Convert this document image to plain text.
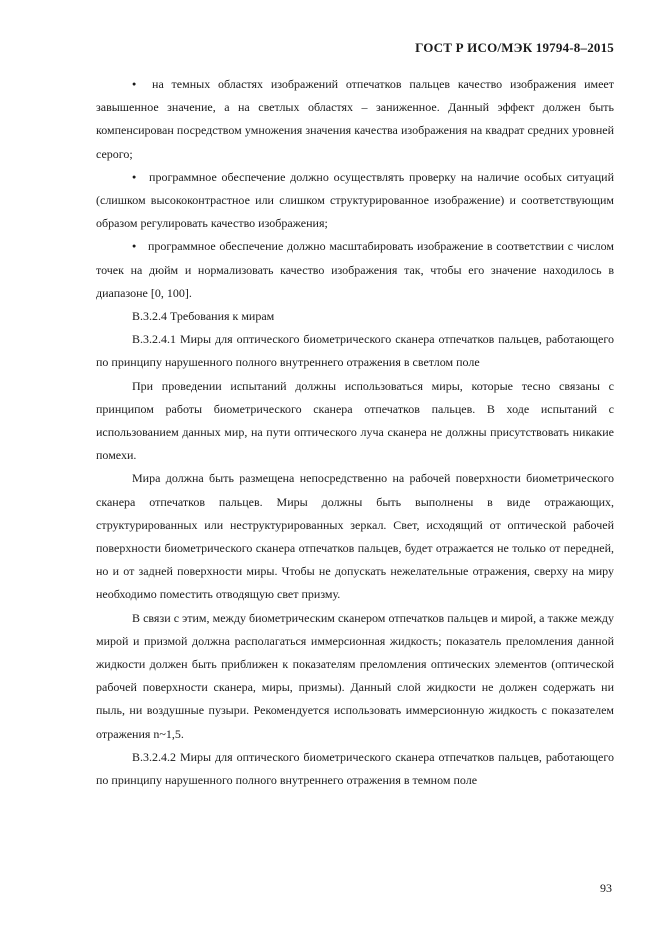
ГОСТ Р ИСО/МЭК 19794-8–2015

● на темных областях изображений отпечатков пальцев качество изображения имеет завышенное значение, а на светлых областях – заниженное. Данный эффект должен быть компенсирован посредством умножения значения качества изображения на квадрат средних уровней серого;

● программное обеспечение должно осуществлять проверку на наличие особых ситуаций (слишком высококонтрастное или слишком структурированное изображение) и соответствующим образом регулировать качество изображения;

● программное обеспечение должно масштабировать изображение в соответствии с числом точек на дюйм и нормализовать качество изображения так, чтобы его значение находилось в диапазоне [0, 100].

В.3.2.4 Требования к мирам

В.3.2.4.1 Миры для оптического биометрического сканера отпечатков пальцев, работающего по принципу нарушенного полного внутреннего отражения в светлом поле

При проведении испытаний должны использоваться миры, которые тесно связаны с принципом работы биометрического сканера отпечатков пальцев. В ходе испытаний с использованием данных мир, на пути оптического луча сканера не должны присутствовать никакие помехи.

Мира должна быть размещена непосредственно на рабочей поверхности биометрического сканера отпечатков пальцев. Миры должны быть выполнены в виде отражающих, структурированных или неструктурированных зеркал. Свет, исходящий от оптической рабочей поверхности биометрического сканера отпечатков пальцев, будет отражается не только от передней, но и от задней поверхности миры. Чтобы не допускать нежелательные отражения, сверху на миру необходимо поместить отводящую свет призму.

В связи с этим, между биометрическим сканером отпечатков пальцев и мирой, а также между мирой и призмой должна располагаться иммерсионная жидкость; показатель преломления данной жидкости должен быть приближен к показателям преломления оптических элементов (оптической рабочей поверхности сканера, миры, призмы). Данный слой жидкости не должен содержать ни пыль, ни воздушные пузыри. Рекомендуется использовать иммерсионную жидкость с показателем отражения n~1,5.

В.3.2.4.2 Миры для оптического биометрического сканера отпечатков пальцев, работающего по принципу нарушенного полного внутреннего отражения в темном поле

93
